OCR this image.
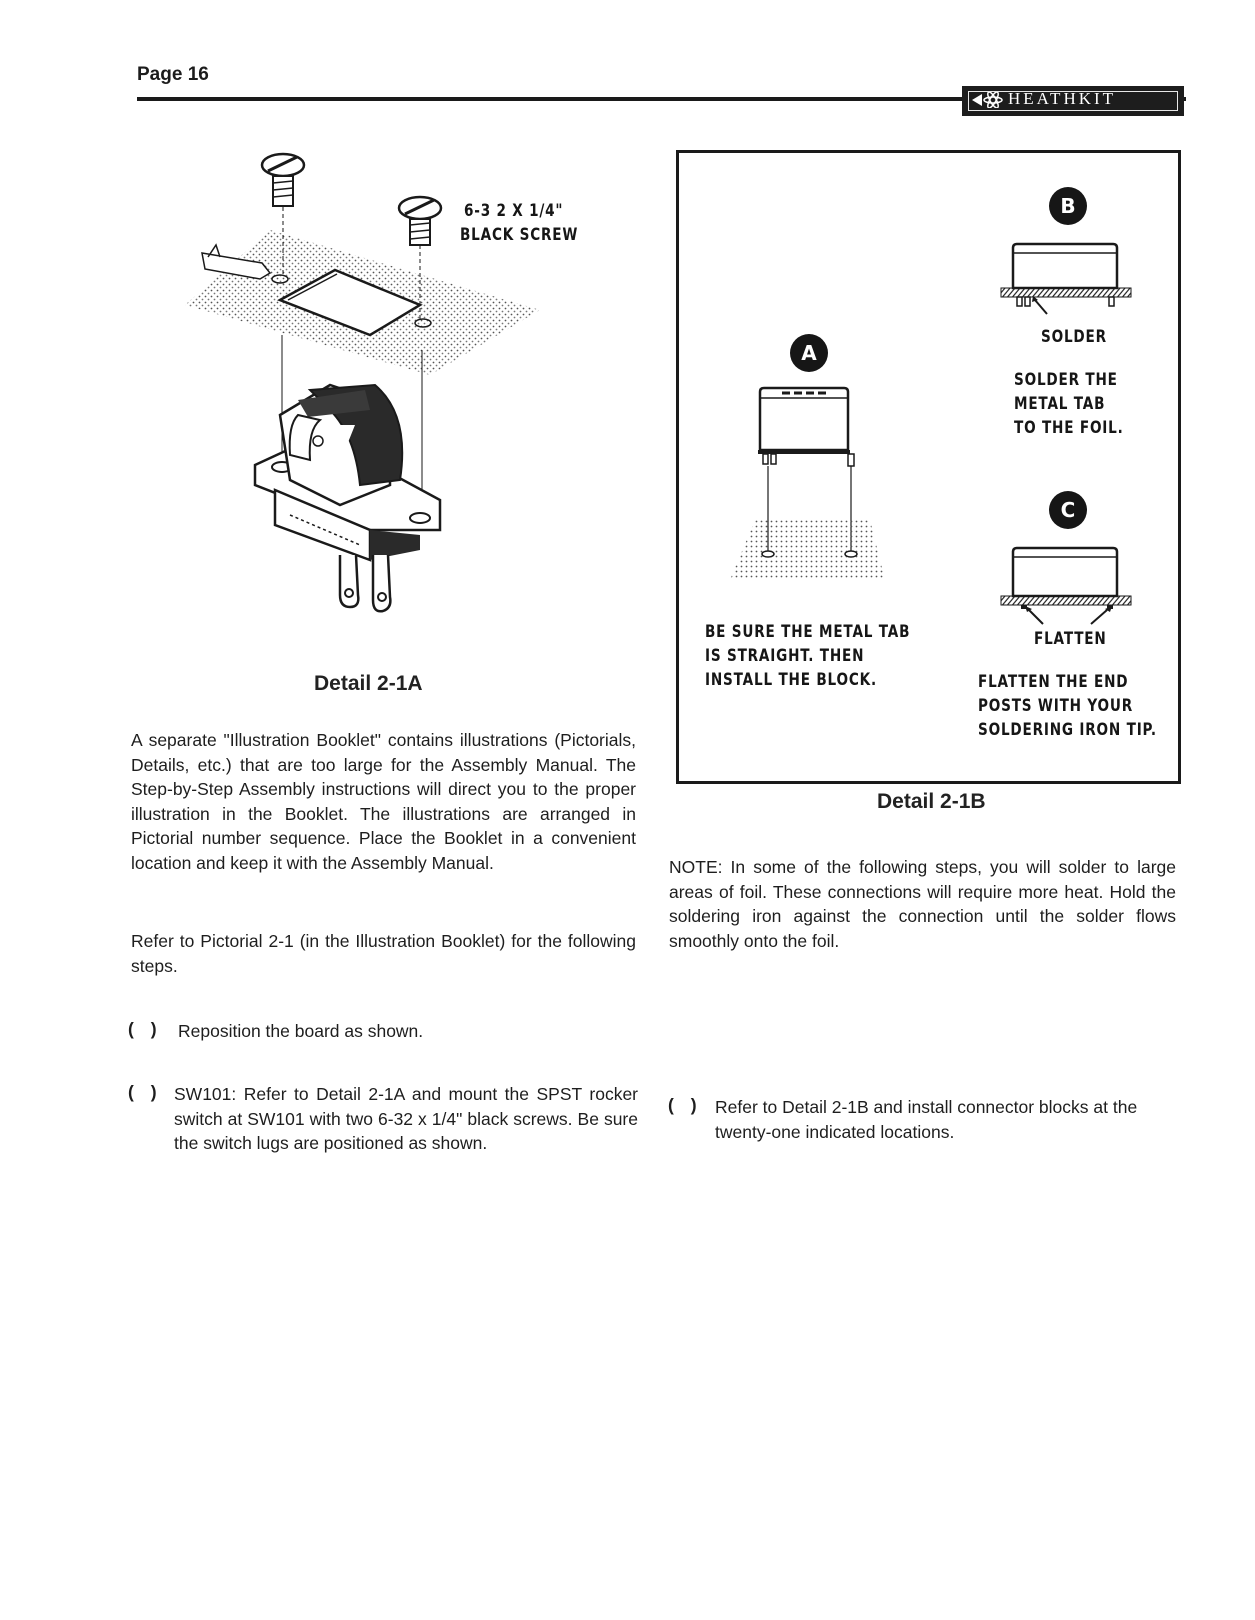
Page 16
HEATHKIT
6-3 2 X 1/4"
BLACK SCREW
Detail 2-1A
A
BE SURE THE METAL TAB
IS STRAIGHT. THEN
INSTALL THE BLOCK.
B
SOLDER
SOLDER THE
METAL TAB
TO THE FOIL.
C
FLATTEN
FLATTEN THE END
POSTS WITH YOUR
SOLDERING IRON TIP.
Detail 2-1B
A separate "Illustration Booklet" contains illustrations (Pictorials, Details, etc.) that are too large for the Assembly Manual. The Step-by-Step Assembly instructions will direct you to the proper illustration in the Booklet. The illustrations are arranged in Pictorial number sequence. Place the Booklet in a convenient location and keep it with the Assembly Manual.
Refer to Pictorial 2-1 (in the Illustration Booklet) for the following steps.
( ) Reposition the board as shown.
( ) SW101: Refer to Detail 2-1A and mount the SPST rocker switch at SW101 with two 6-32 x 1/4" black screws. Be sure the switch lugs are positioned as shown.
NOTE: In some of the following steps, you will solder to large areas of foil. These connections will require more heat. Hold the soldering iron against the connection until the solder flows smoothly onto the foil.
( ) Refer to Detail 2-1B and install connector blocks at the twenty-one indicated locations.
